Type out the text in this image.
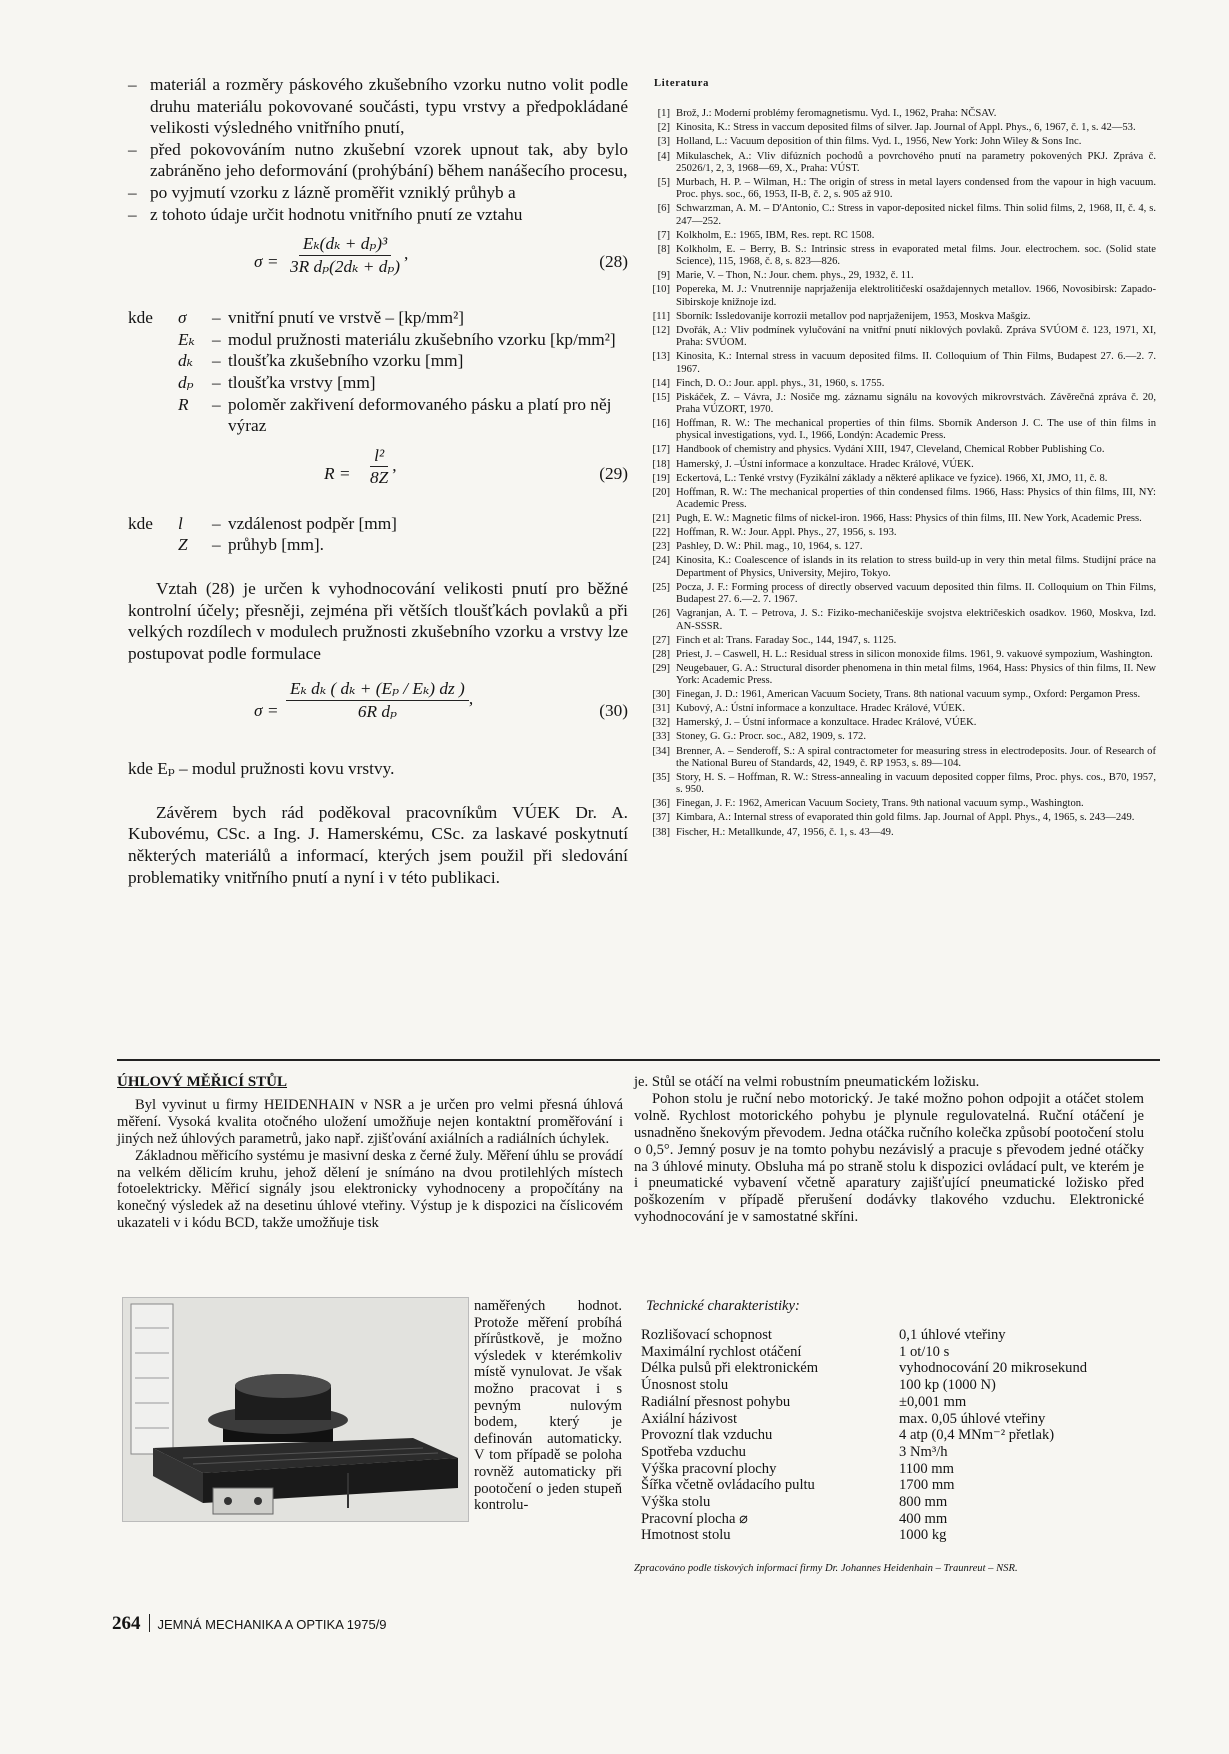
– materiál a rozměry páskového zkušebního vzorku nutno volit podle druhu materiálu pokovované součásti, typu vrstvy a předpokládané velikosti výsledného vnitřního pnutí,
– před pokovováním nutno zkušební vzorek upnout tak, aby bylo zabráněno jeho deformování (prohýbání) během nanášecího procesu,
– po vyjmutí vzorku z lázně proměřit vzniklý průhyb a
– z tohoto údaje určit hodnotu vnitřního pnutí ze vztahu
$\sigma = \frac{\text{Eₖ(dₖ + dₚ)³}}{\text{3R dₚ(2dₖ + dₚ)}}$ ,	(28)
kde	σ	– vnitřní pnutí ve vrstvě – [kp/mm²]
Eₖ – modul pružnosti materiálu zkušebního vzorku [kp/mm²]
dₖ	– tloušťka zkušebního vzorku [mm]
dₚ	– tloušťka vrstvy [mm]
R	– poloměr zakřivení deformovaného pásku a platí pro něj výraz
$R = \frac{\text{l²}}{8Z}$ ,	(29)
kde	l	– vzdálenost podpěr [mm]
Z	– průhyb [mm].

Vztah (28) je určen k vyhodnocování velikosti pnutí pro běžné kontrolní účely; přesněji, zejména při větších tloušťkách povlaků a při velkých rozdílech v modulech pružnosti zkušebního vzorku a vrstvy lze postupovat podle formulace

$\sigma = \frac{\text{Eₖ dₖ ( dₖ + (Eₚ / Eₖ) dz )}}{\text{6R dₚ}}$ ,
(30)

kde Eₚ – modul pružnosti kovu vrstvy.

Závěrem bych rád poděkoval pracovníkům VÚEK Dr. A. Kubovému, CSc. a Ing. J. Hamerskému, CSc. za laskavé poskytnutí některých materiálů a informací, kterých jsem použil při sledování problematiky vnitřního pnutí a nyní i v této publikaci.

Literatura
[1] Brož, J.: Moderní problémy feromagnetismu. Vyd. I., 1962, Praha: NČSAV.
[2] Kinosita, K.: Stress in vaccum deposited films of silver. Jap. Journal of Appl. Phys., 6, 1967, č. 1, s. 42—53.
[3] Holland, L.: Vacuum deposition of thin films. Vyd. I., 1956, New York: John Wiley & Sons Inc.
[4] Mikulaschek, A.: Vliv difúzních pochodů a povrchového pnutí na parametry pokovených PKJ. Zpráva č. 25026/1, 2, 3, 1968—69, X., Praha: VÚST.
[5] Murbach, H. P. – Wilman, H.: The origin of stress in metal layers condensed from the vapour in high vacuum. Proc. phys. soc., 66, 1953, II-B, č. 2, s. 905 až 910.
[6] Schwarzman, A. M. – D'Antonio, C.: Stress in vapor-deposited nickel films. Thin solid films, 2, 1968, II, č. 4, s. 247—252.
[7] Kolkholm, E.: 1965, IBM, Res. rept. RC 1508.
[8] Kolkholm, E. – Berry, B. S.: Intrinsic stress in evaporated metal films. Jour. electrochem. soc. (Solid state Science), 115, 1968, č. 8, s. 823—826.
[9] Marie, V. – Thon, N.: Jour. chem. phys., 29, 1932, č. 11.
[10] Popereka, M. J.: Vnutrennije naprjaženija elektrolitičeskí osaždajennych metallov. 1966, Novosibirsk: Zapado-Sibirskoje knižnoje izd.
[11] Sborník: Issledovanije korrozii metallov pod naprjaženijem, 1953, Moskva Mašgiz.
[12] Dvořák, A.: Vliv podmínek vylučování na vnitřní pnutí niklových povlaků. Zpráva SVÚOM č. 123, 1971, XI, Praha: SVÚOM.
[13] Kinosita, K.: Internal stress in vacuum deposited films. II. Colloquium of Thin Films, Budapest 27. 6.—2. 7. 1967.
[14] Finch, D. O.: Jour. appl. phys., 31, 1960, s. 1755.
[15] Piskáček, Z. – Vávra, J.: Nosiče mg. záznamu signálu na kovových mikrovrstvách. Závěrečná zpráva č. 20, Praha VÚZORT, 1970.
[16] Hoffman, R. W.: The mechanical properties of thin films. Sborník Anderson J. C. The use of thin films in physical investigations, vyd. I., 1966, Londýn: Academic Press.
[17] Handbook of chemistry and physics. Vydání XIII, 1947, Cleveland, Chemical Robber Publishing Co.
[18] Hamerský, J. –Ústní informace a konzultace. Hradec Králové, VÚEK.
[19] Eckertová, L.: Tenké vrstvy (Fyzikální základy a některé aplikace ve fyzice). 1966, XI, JMO, 11, č. 8.
[20] Hoffman, R. W.: The mechanical properties of thin condensed films. 1966, Hass: Physics of thin films, III, NY: Academic Press.
[21] Pugh, E. W.: Magnetic films of nickel-iron. 1966, Hass: Physics of thin films, III. New York, Academic Press.
[22] Hoffman, R. W.: Jour. Appl. Phys., 27, 1956, s. 193.
[23] Pashley, D. W.: Phil. mag., 10, 1964, s. 127.
[24] Kinosita, K.: Coalescence of islands in its relation to stress build-up in very thin metal films. Studijní práce na Department of Physics, University, Mejiro, Tokyo.
[25] Pocza, J. F.: Forming process of directly observed vacuum deposited thin films. II. Colloquium on Thin Films, Budapest 27. 6.—2. 7. 1967.
[26] Vagranjan, A. T. – Petrova, J. S.: Fiziko-mechaničeskije svojstva električeskich osadkov. 1960, Moskva, Izd. AN-SSSR.
[27] Finch et al: Trans. Faraday Soc., 144, 1947, s. 1125.
[28] Priest, J. – Caswell, H. L.: Residual stress in silicon monoxide films. 1961, 9. vakuové sympozium, Washington.
[29] Neugebauer, G. A.: Structural disorder phenomena in thin metal films, 1964, Hass: Physics of thin films, II. New York: Academic Press.
[30] Finegan, J. D.: 1961, American Vacuum Society, Trans. 8th national vacuum symp., Oxford: Pergamon Press.
[31] Kubový, A.: Ústní informace a konzultace. Hradec Králové, VÚEK.
[32] Hamerský, J. – Ústní informace a konzultace. Hradec Králové, VÚEK.
[33] Stoney, G. G.: Procr. soc., A82, 1909, s. 172.
[34] Brenner, A. – Senderoff, S.: A spiral contractometer for measuring stress in electrodeposits. Jour. of Research of the National Bureu of Standards, 42, 1949, č. RP 1953, s. 89—104.
[35] Story, H. S. – Hoffman, R. W.: Stress-annealing in vacuum deposited copper films, Proc. phys. cos., B70, 1957, s. 950.
[36] Finegan, J. F.: 1962, American Vacuum Society, Trans. 9th national vacuum symp., Washington.
[37] Kimbara, A.: Internal stress of evaporated thin gold films. Jap. Journal of Appl. Phys., 4, 1965, s. 243—249.
[38] Fischer, H.: Metallkunde, 47, 1956, č. 1, s. 43—49.
ÚHLOVÝ MĚŘICÍ STŮL

Byl vyvinut u firmy HEIDENHAIN v NSR a je určen pro velmi přesná úhlová měření. Vysoká kvalita otočného uložení umožňuje nejen kontaktní proměřování i jiných než úhlových parametrů, jako např. zjišťování axiálních a radiálních úchylek.

Základnou měřicího systému je masivní deska z černé žuly. Měření úhlu se provádí na velkém dělicím kruhu, jehož dělení je snímáno na dvou protilehlých místech fotoelektricky. Měřicí signály jsou elektronicky vyhodnoceny a propočítány na konečný výsledek až na desetinu úhlové vteřiny. Výstup je k dispozici na číslicovém ukazateli v i kódu BCD, takže umožňuje tisk

naměřených hodnot. Protože měření probíhá přírůstkově, je možno výsledek v kterémkoliv místě vynulovat. Je však možno pracovat i s pevným nulovým bodem, který je definován automaticky. V tom případě se poloha rovněž automaticky při pootočení o jeden stupeň kontrolu-

je. Stůl se otáčí na velmi robustním pneumatickém ložisku.

Pohon stolu je ruční nebo motorický. Je také možno pohon odpojit a otáčet stolem volně. Rychlost motorického pohybu je plynule regulovatelná. Ruční otáčení je usnadněno šnekovým převodem. Jedna otáčka ručního kolečka způsobí pootočení stolu o 0,5°. Jemný posuv je na tomto pohybu nezávislý a pracuje s převodem jedné otáčky na 3 úhlové minuty. Obsluha má po straně stolu k dispozici ovládací pult, ve kterém je i pneumatické vybavení včetně aparatury zajišťující pneumatické ložisko před poškozením v případě přerušení dodávky tlakového vzduchu. Elektronické vyhodnocování je v samostatné skříni.

Technické charakteristiky:
Rozlišovací schopnost	0,1 úhlové vteřiny
Maximální rychlost otáčení	1 ot/10 s
Délka pulsů při elektronickém	vyhodnocování 20 mikrosekund
Únosnost stolu	100 kp (1000 N)
Radiální přesnost pohybu	±0,001 mm
Axiální házivost	max. 0,05 úhlové vteřiny
Provozní tlak vzduchu	4 atp (0,4 MNm⁻² přetlak)
Spotřeba vzduchu	3 Nm³/h
Výška pracovní plochy	1100 mm
Šířka včetně ovládacího pultu	1700 mm
Výška stolu	800 mm
Pracovní plocha ⌀	400 mm
Hmotnost stolu	1000 kg
Zpracováno podle tiskových informací firmy Dr. Johannes Heidenhain – Traunreut – NSR.
264 JEMNÁ MECHANIKA A OPTIKA 1975/9
